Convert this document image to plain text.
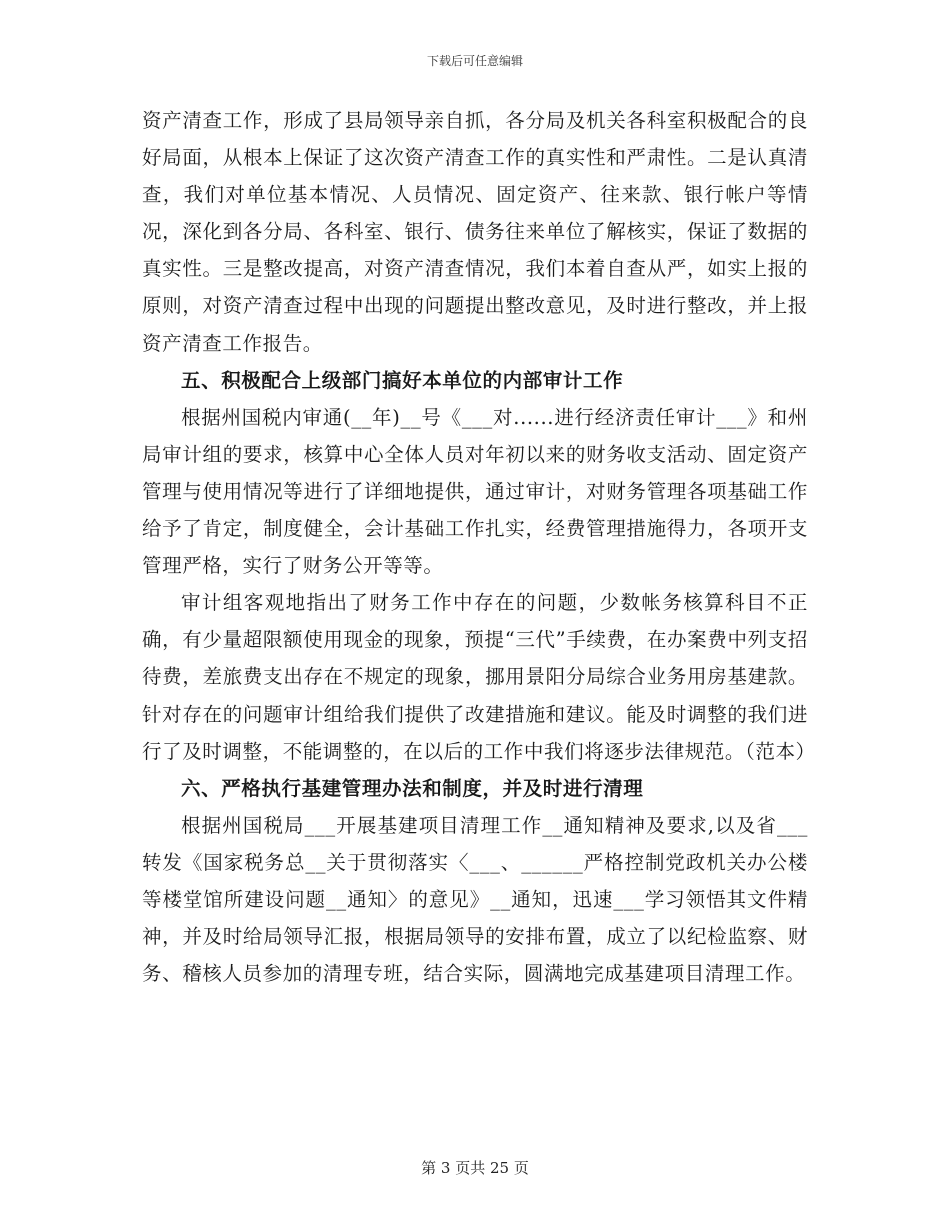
下载后可任意编辑

资产清查工作，形成了县局领导亲自抓，各分局及机关各科室积极配合的良好局面，从根本上保证了这次资产清查工作的真实性和严肃性。二是认真清查，我们对单位基本情况、人员情况、固定资产、往来款、银行帐户等情况，深化到各分局、各科室、银行、债务往来单位了解核实，保证了数据的真实性。三是整改提高，对资产清查情况，我们本着自查从严，如实上报的原则，对资产清查过程中出现的问题提出整改意见，及时进行整改，并上报资产清查工作报告。

五、积极配合上级部门搞好本单位的内部审计工作

根据州国税内审通(__年)__号《___对......进行经济责任审计___》和州局审计组的要求，核算中心全体人员对年初以来的财务收支活动、固定资产管理与使用情况等进行了详细地提供，通过审计，对财务管理各项基础工作给予了肯定，制度健全，会计基础工作扎实，经费管理措施得力，各项开支管理严格，实行了财务公开等等。

审计组客观地指出了财务工作中存在的问题，少数帐务核算科目不正确，有少量超限额使用现金的现象，预提“三代”手续费，在办案费中列支招待费，差旅费支出存在不规定的现象，挪用景阳分局综合业务用房基建款。针对存在的问题审计组给我们提供了改建措施和建议。能及时调整的我们进行了及时调整，不能调整的，在以后的工作中我们将逐步法律规范。（范本）

六、严格执行基建管理办法和制度，并及时进行清理

根据州国税局___开展基建项目清理工作__通知精神及要求,以及省___转发《国家税务总__关于贯彻落实〈___、______严格控制党政机关办公楼等楼堂馆所建设问题__通知〉的意见》__通知，迅速___学习领悟其文件精神，并及时给局领导汇报，根据局领导的安排布置，成立了以纪检监察、财务、稽核人员参加的清理专班，结合实际，圆满地完成基建项目清理工作。

第 3 页共 25 页
